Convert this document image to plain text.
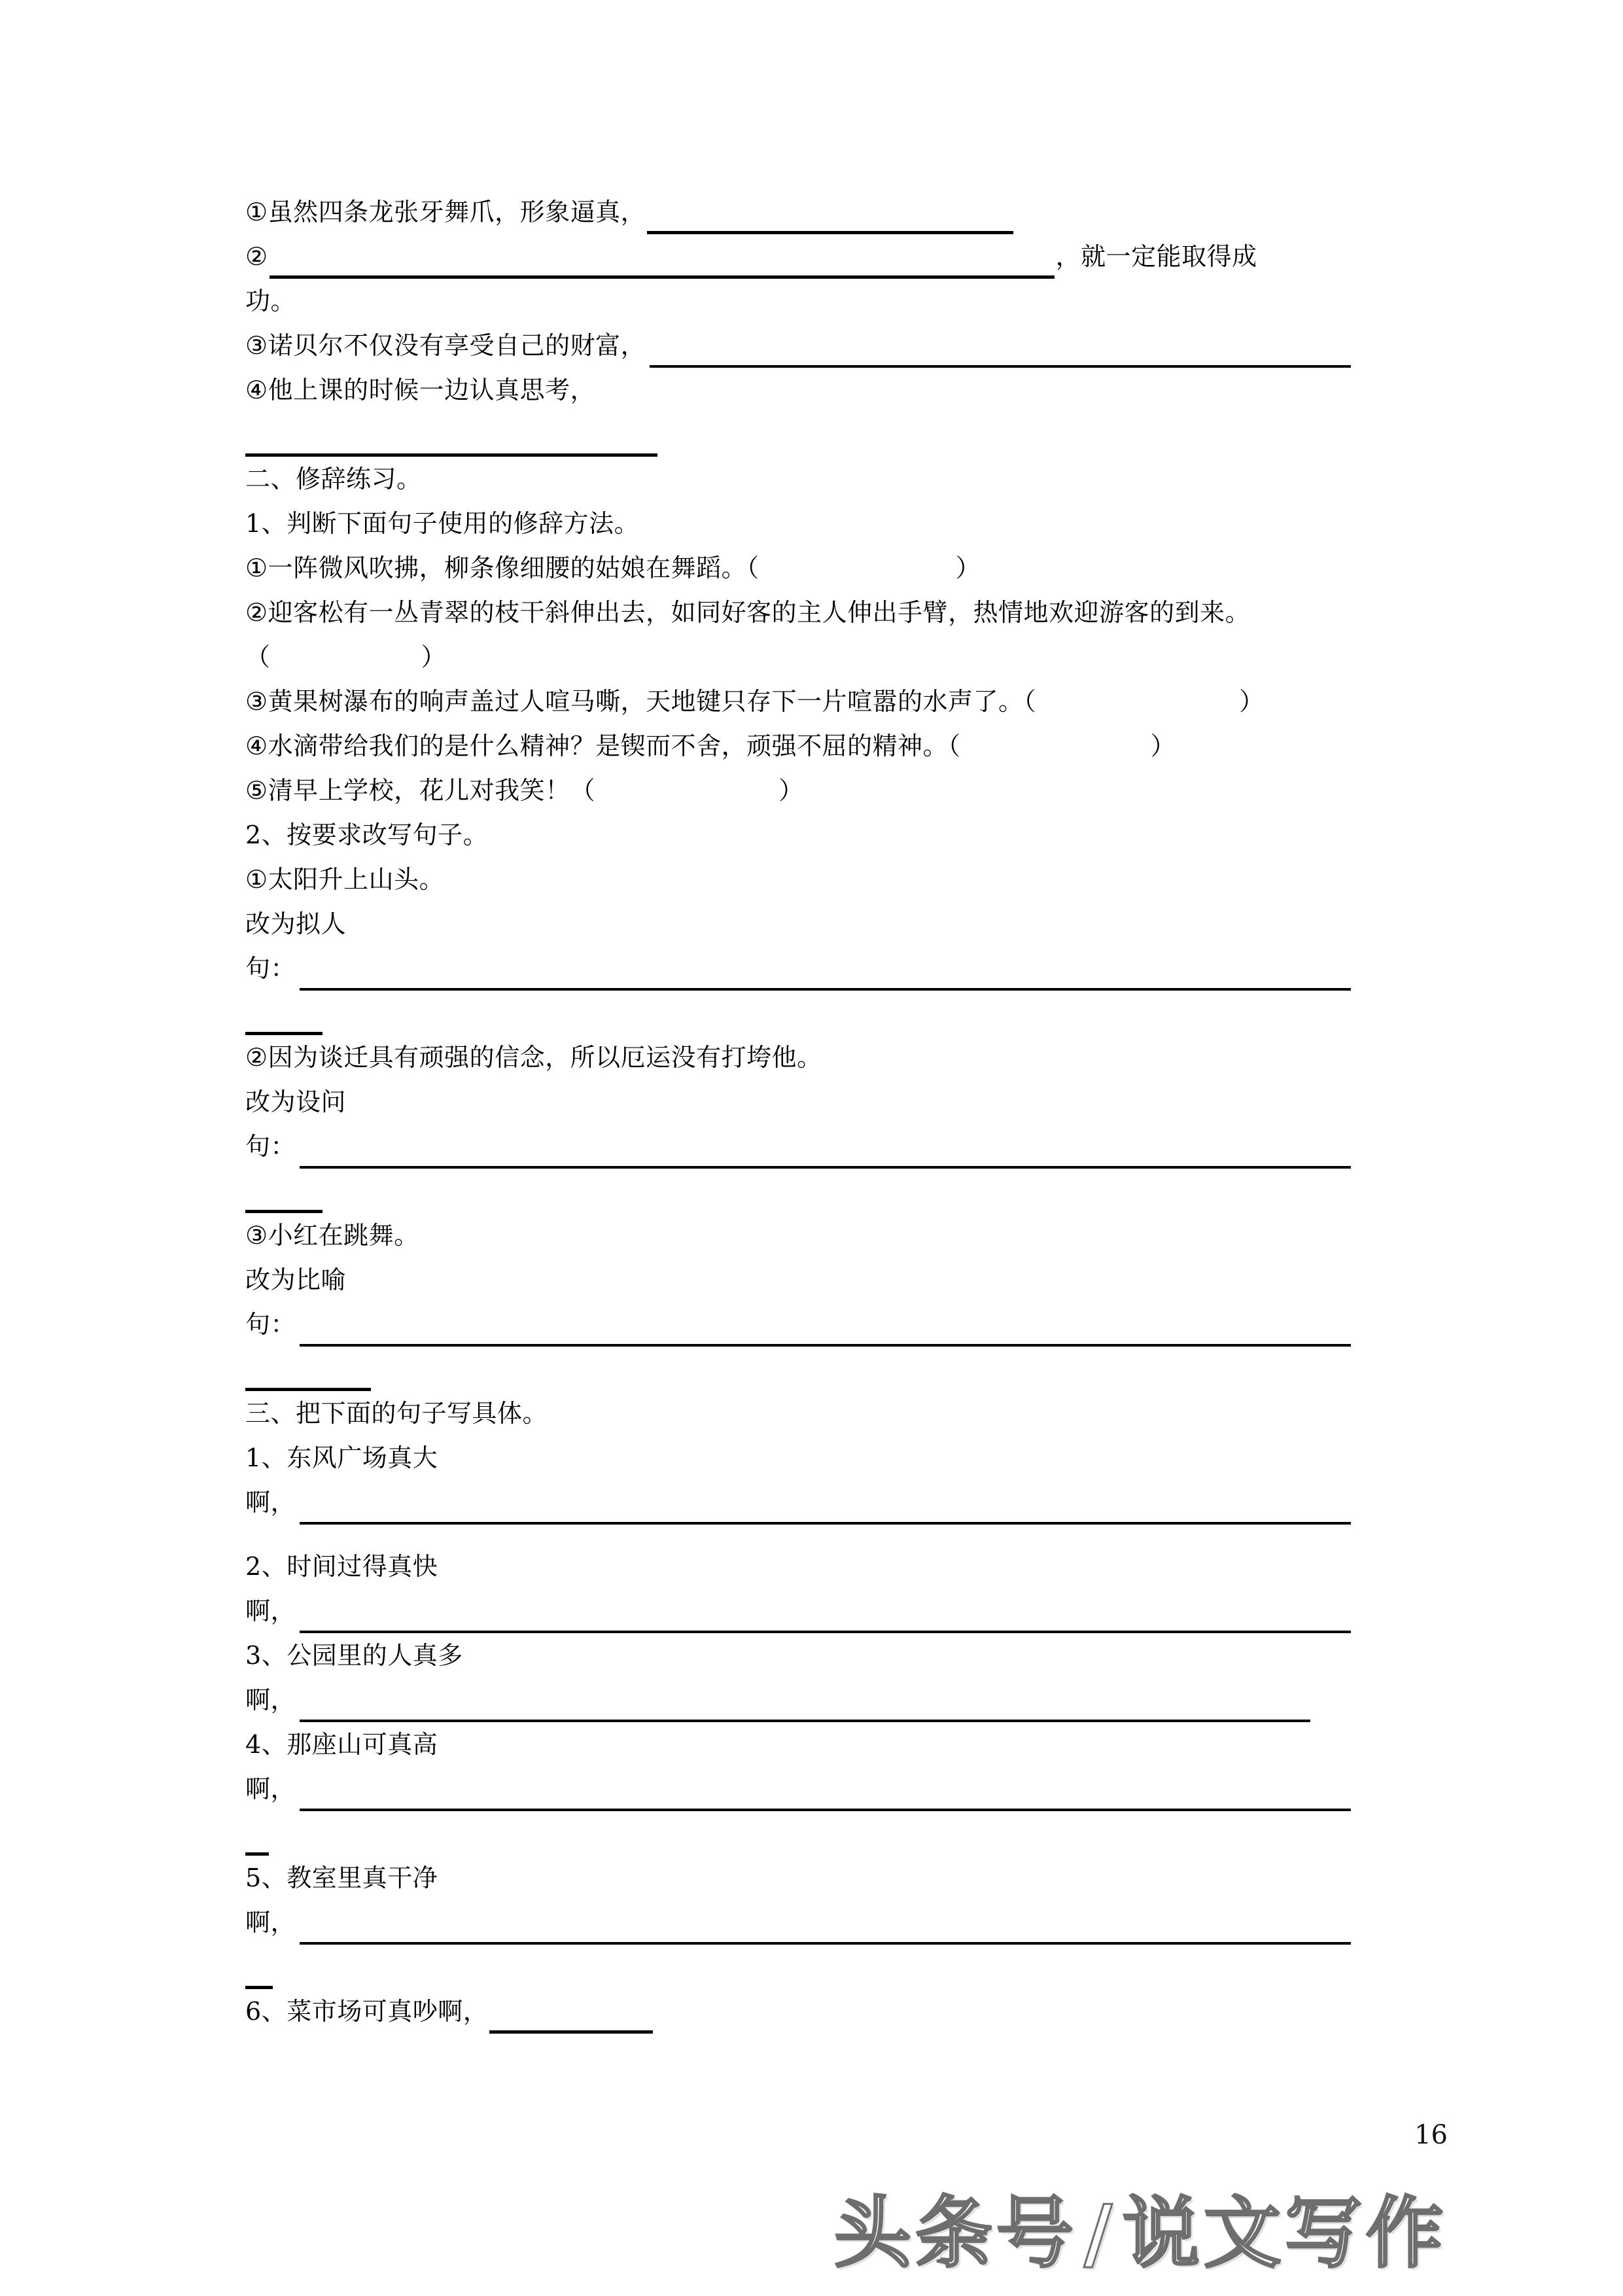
① 虽然四条龙张牙舞爪，形象逼真，
②	，就一定能取得成
功。
③ 诺贝尔不仅没有享受自己的财富，
④ 他上课的时候一边认真思考，
二、修辞练习。
1、判断下面句子使用的修辞方法。
① 一阵微风吹拂，柳条像细腰的姑娘在舞蹈。（	）
② 迎客松有一丛青翠的枝干斜伸出去，如同好客的主人伸出手臂，热情地欢迎游客的到来。
（	）
③ 黄果树瀑布的响声盖过人喧马嘶，天地键只存下一片喧嚣的水声了。（	）
④ 水滴带给我们的是什么精神？是锲而不舍，顽强不屈的精神。（	）
⑤ 清早上学校，花儿对我笑！（	）
2、按要求改写句子。
① 太阳升上山头。
改为拟人
句：
② 因为谈迁具有顽强的信念，所以厄运没有打垮他。
改为设问
句：
③ 小红在跳舞。
改为比喻
句：
三、把下面的句子写具体。
1、 东风广场真大
啊，
2、 时间过得真快
啊，
3、 公园里的人真多
啊，
4、 那座山可真高
啊，
5、 教室里真干净
啊，
6、 菜市场可真吵啊，
16
头条号/说文写作
